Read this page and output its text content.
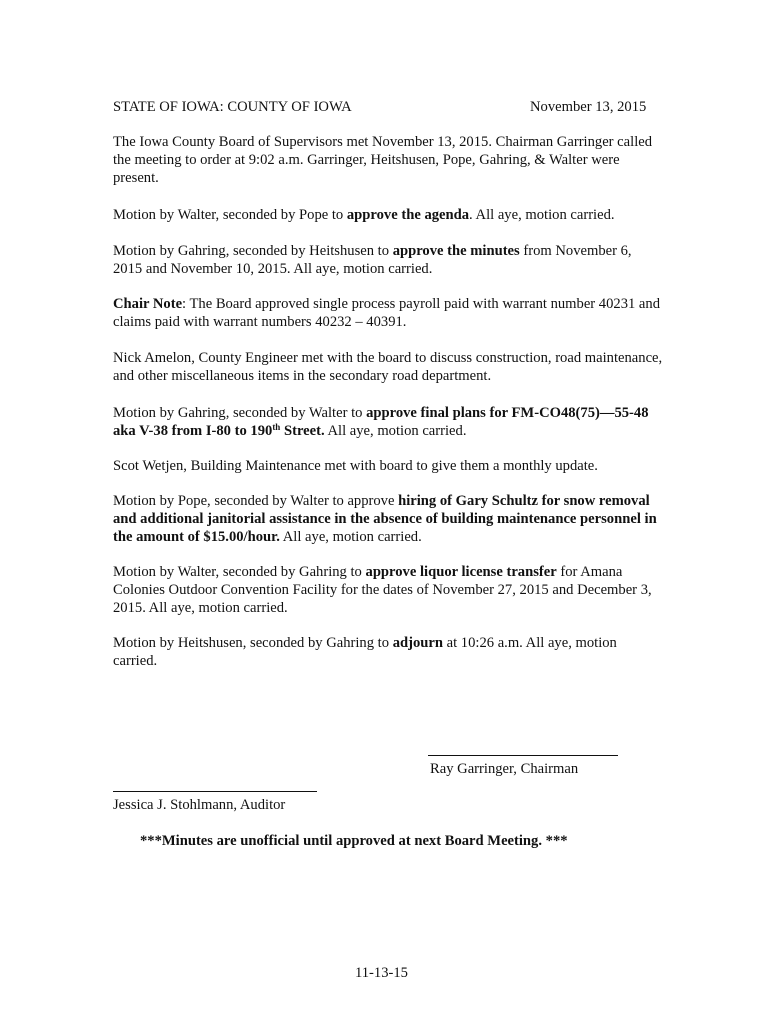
STATE OF IOWA: COUNTY OF IOWA	November 13, 2015

The Iowa County Board of Supervisors met November 13, 2015. Chairman Garringer called the meeting to order at 9:02 a.m. Garringer, Heitshusen, Pope, Gahring, & Walter were present.

Motion by Walter, seconded by Pope to approve the agenda. All aye, motion carried.

Motion by Gahring, seconded by Heitshusen to approve the minutes from November 6, 2015 and November 10, 2015. All aye, motion carried.

Chair Note: The Board approved single process payroll paid with warrant number 40231 and claims paid with warrant numbers 40232 – 40391.

Nick Amelon, County Engineer met with the board to discuss construction, road maintenance, and other miscellaneous items in the secondary road department.

Motion by Gahring, seconded by Walter to approve final plans for FM-CO48(75)—55-48 aka V-38 from I-80 to 190th Street. All aye, motion carried.

Scot Wetjen, Building Maintenance met with board to give them a monthly update.

Motion by Pope, seconded by Walter to approve hiring of Gary Schultz for snow removal and additional janitorial assistance in the absence of building maintenance personnel in the amount of $15.00/hour. All aye, motion carried.

Motion by Walter, seconded by Gahring to approve liquor license transfer for Amana Colonies Outdoor Convention Facility for the dates of November 27, 2015 and December 3, 2015. All aye, motion carried.

Motion by Heitshusen, seconded by Gahring to adjourn at 10:26 a.m. All aye, motion carried.

Ray Garringer, Chairman
Jessica J. Stohlmann, Auditor
***Minutes are unofficial until approved at next Board Meeting. ***
11-13-15
